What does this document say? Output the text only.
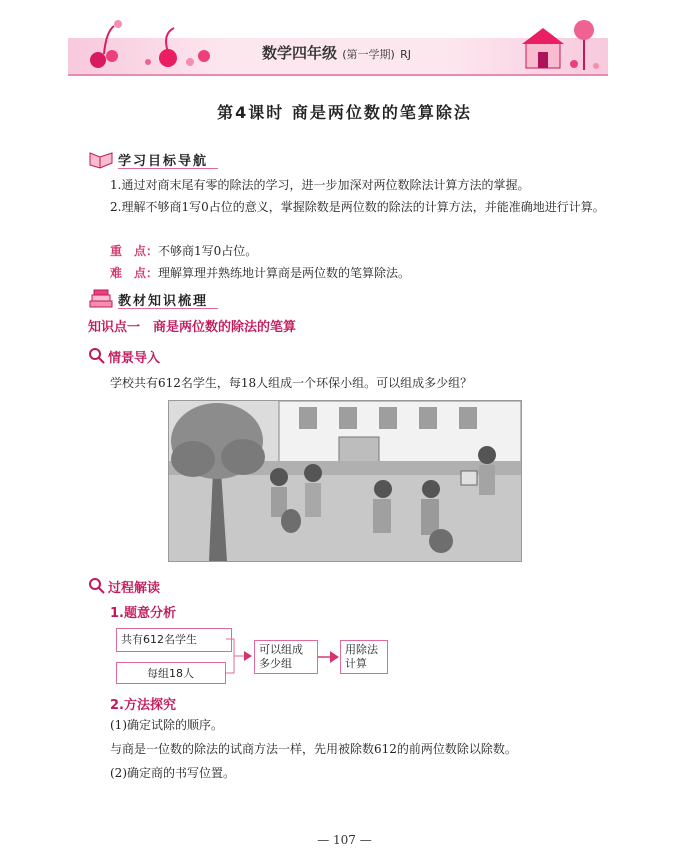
数学四年级 (第一学期) RJ
第4课时 商是两位数的笔算除法
学习目标导航
1.通过对商末尾有零的除法的学习，进一步加深对两位数除法计算方法的掌握。
2.理解不够商1写0占位的意义，掌握除数是两位数的除法的计算方法，并能准确地进行计算。
重　点：不够商1写0占位。
难　点：理解算理并熟练地计算商是两位数的笔算除法。
教材知识梳理
知识点一　商是两位数的除法的笔算
情景导入
学校共有612名学生，每18人组成一个环保小组。可以组成多少组？
过程解读
1.题意分析
共有612名学生
每组18人
可以组成多少组
用除法计算
2.方法探究
(1)确定试除的顺序。
与商是一位数的除法的试商方法一样，先用被除数612的前两位数除以除数。
(2)确定商的书写位置。
— 107 —
